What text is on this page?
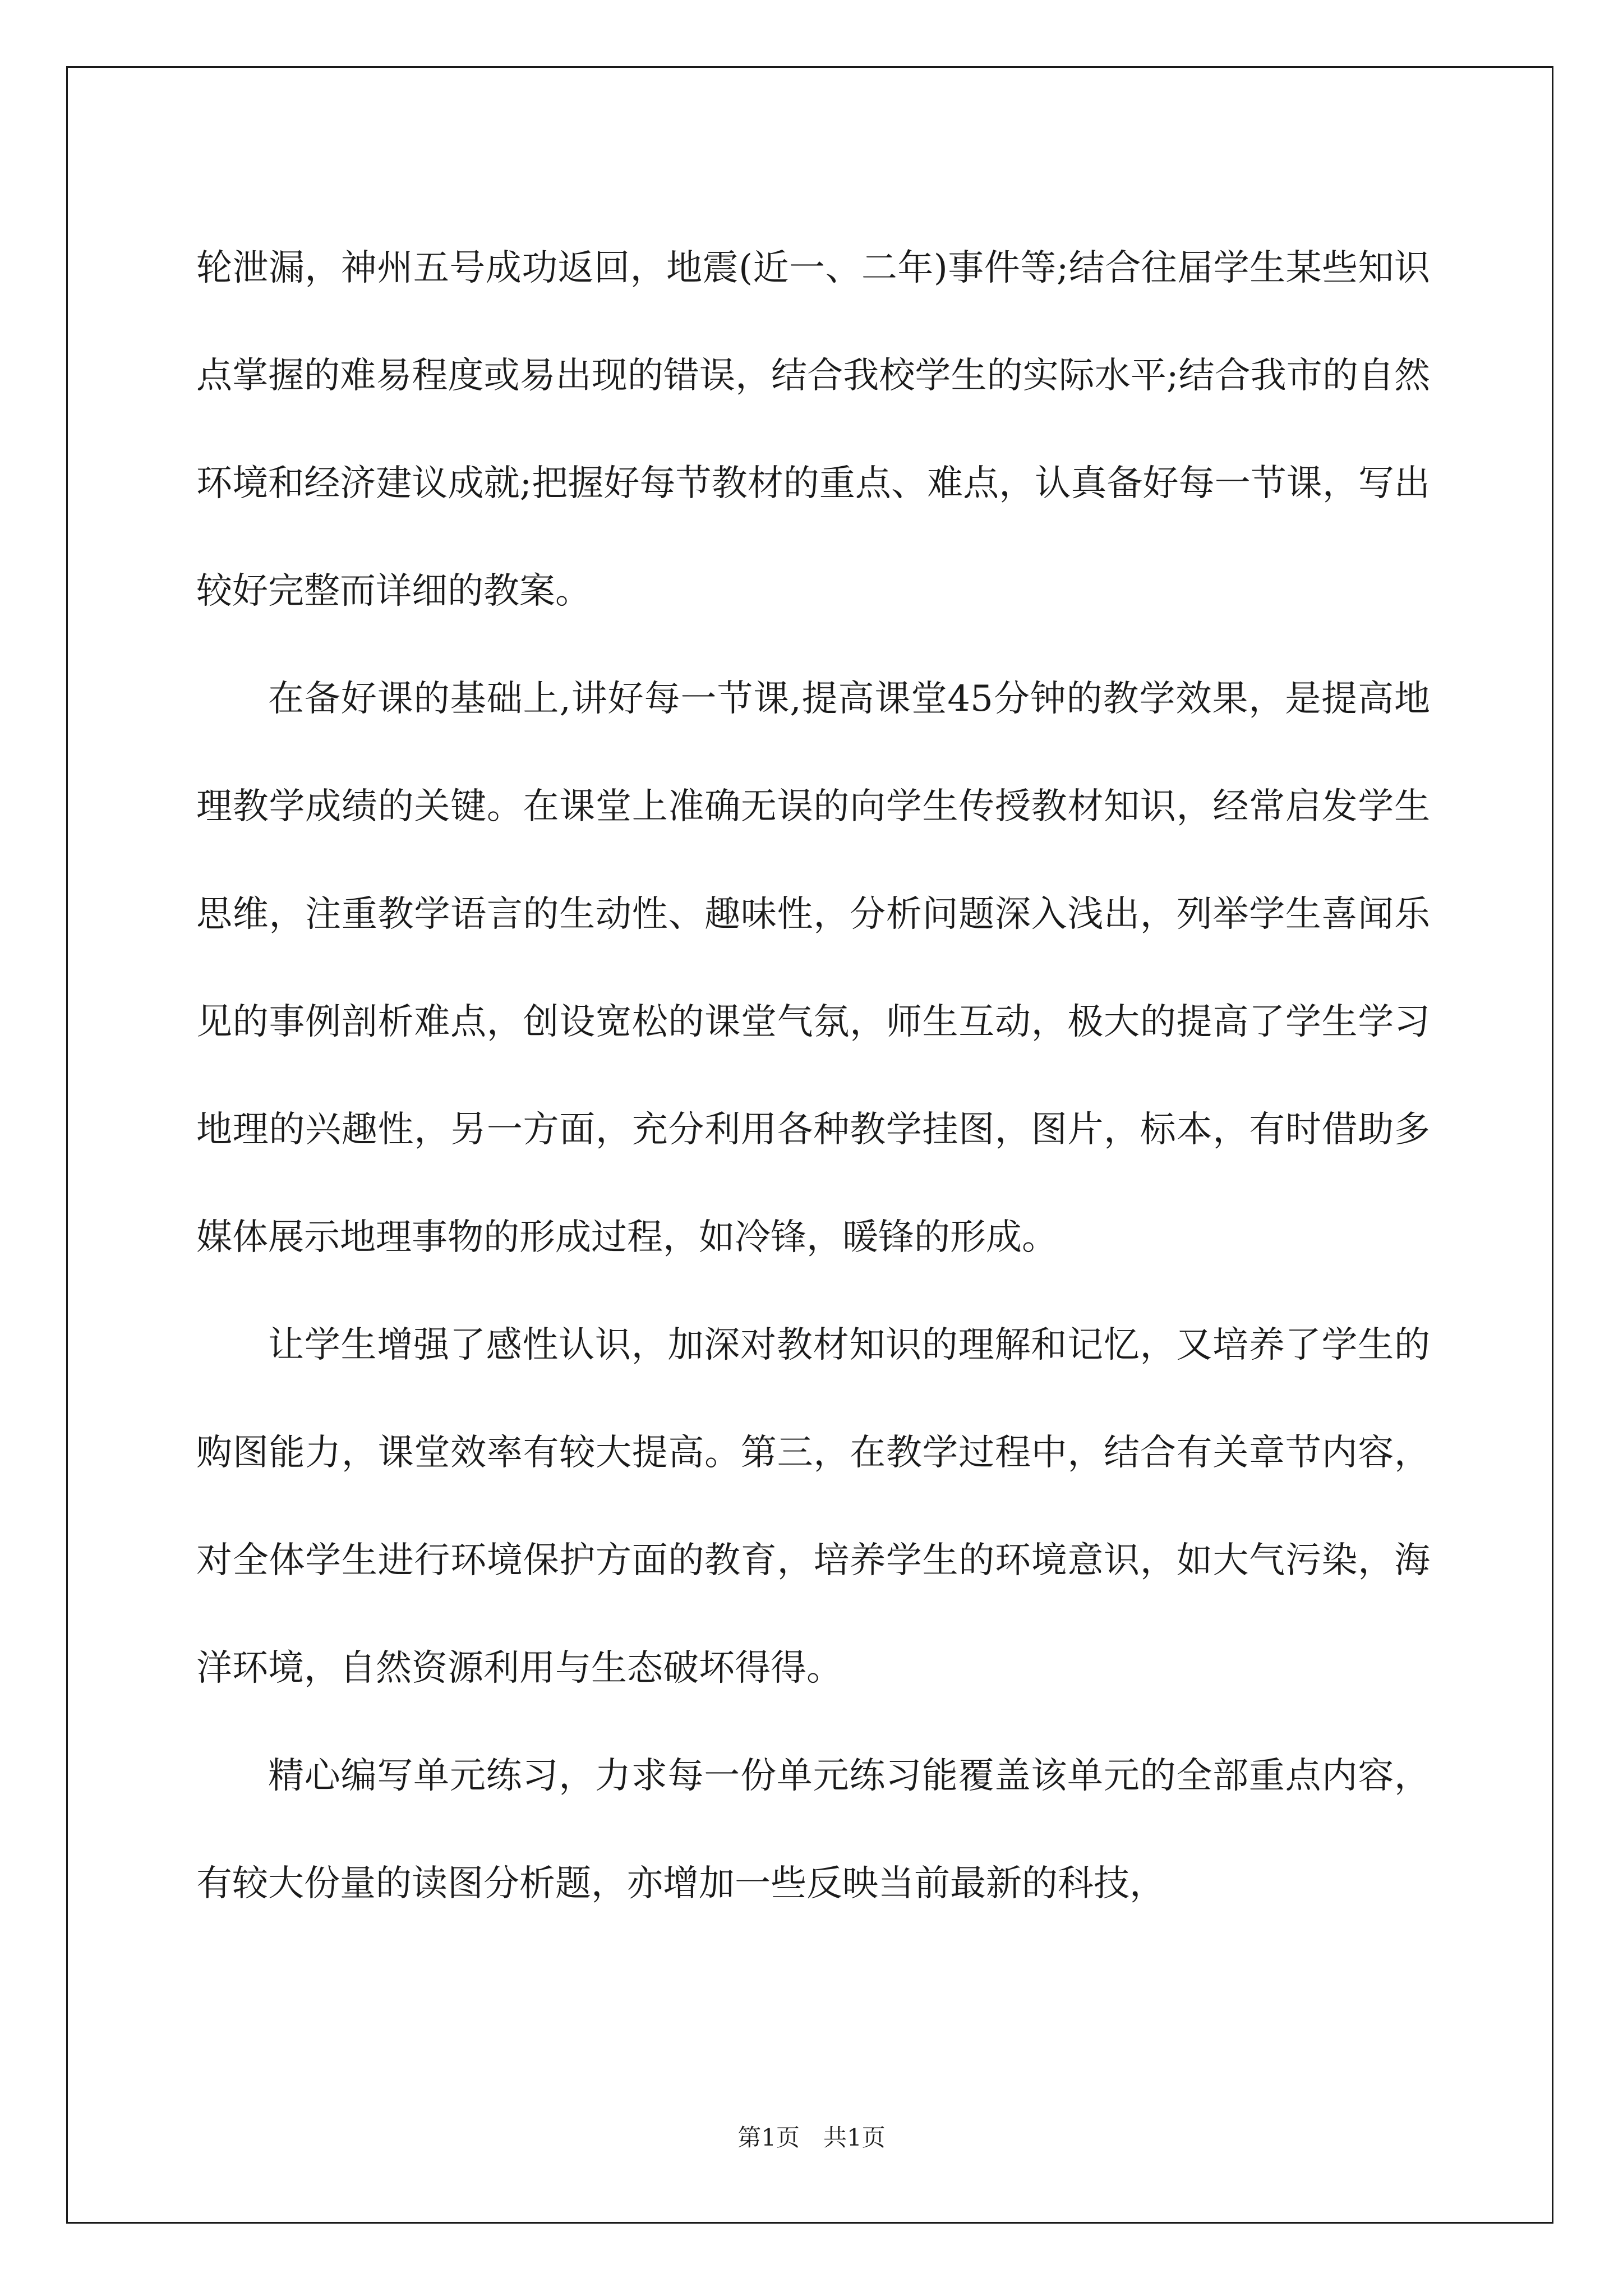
轮泄漏，神州五号成功返回，地震(近一、二年)事件等;结合往届学生某些知识点掌握的难易程度或易出现的错误，结合我校学生的实际水平;结合我市的自然环境和经济建议成就;把握好每节教材的重点、难点，认真备好每一节课，写出较好完整而详细的教案。

在备好课的基础上,讲好每一节课,提高课堂45分钟的教学效果，是提高地理教学成绩的关键。在课堂上准确无误的向学生传授教材知识，经常启发学生思维，注重教学语言的生动性、趣味性，分析问题深入浅出，列举学生喜闻乐见的事例剖析难点，创设宽松的课堂气氛，师生互动，极大的提高了学生学习地理的兴趣性，另一方面，充分利用各种教学挂图，图片，标本，有时借助多媒体展示地理事物的形成过程，如冷锋，暖锋的形成。

让学生增强了感性认识，加深对教材知识的理解和记忆，又培养了学生的购图能力，课堂效率有较大提高。第三，在教学过程中，结合有关章节内容，对全体学生进行环境保护方面的教育，培养学生的环境意识，如大气污染，海洋环境，自然资源利用与生态破坏得得。

精心编写单元练习，力求每一份单元练习能覆盖该单元的全部重点内容，有较大份量的读图分析题，亦增加一些反映当前最新的科技，

第1页　共1页
